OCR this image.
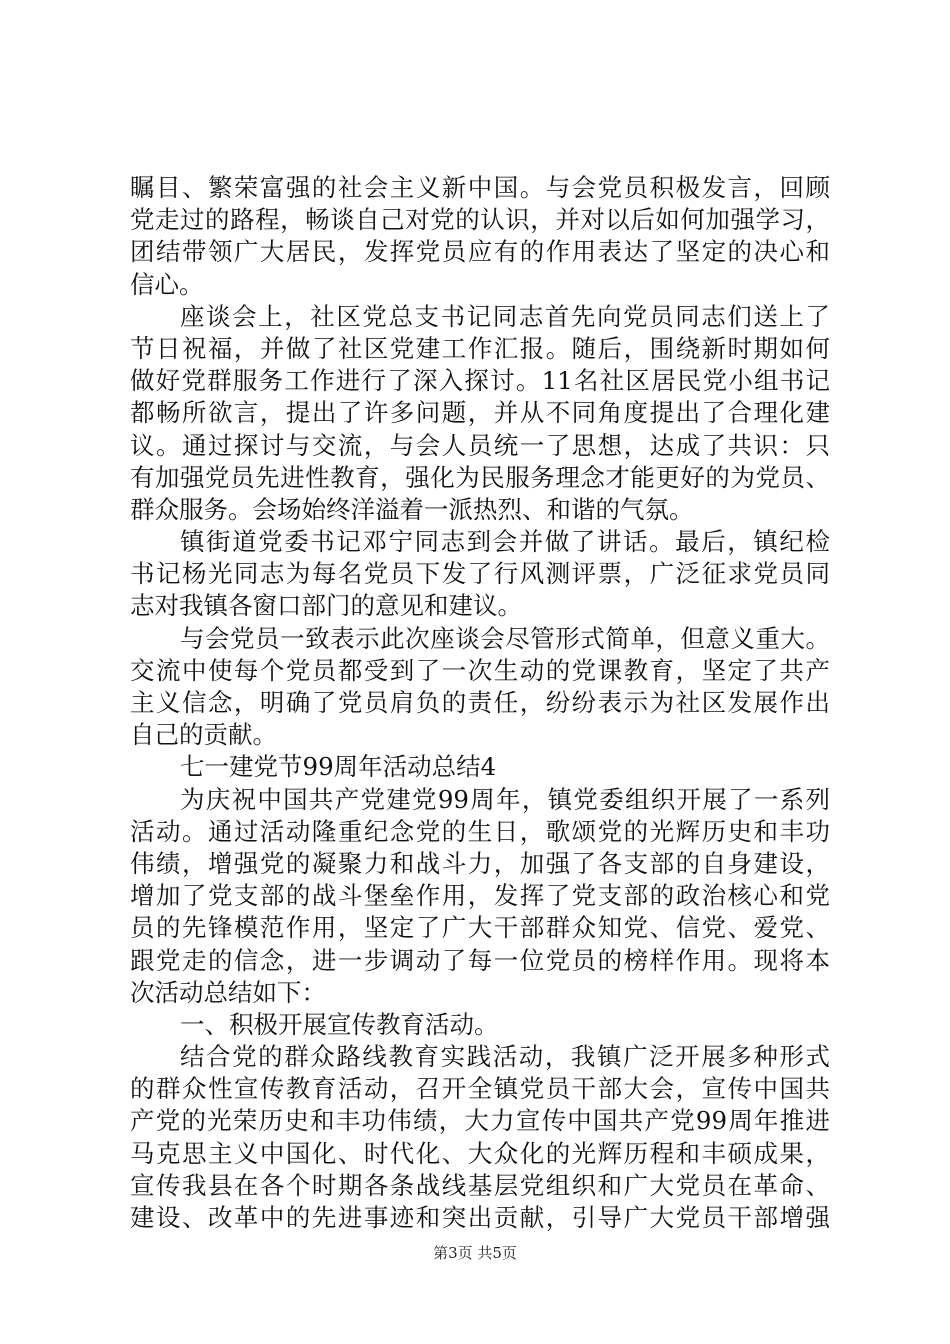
瞩目、繁荣富强的社会主义新中国。与会党员积极发言，回顾
党走过的路程，畅谈自己对党的认识，并对以后如何加强学习，
团结带领广大居民，发挥党员应有的作用表达了坚定的决心和
信心。
座谈会上，社区党总支书记同志首先向党员同志们送上了
节日祝福，并做了社区党建工作汇报。随后，围绕新时期如何
做好党群服务工作进行了深入探讨。11名社区居民党小组书记
都畅所欲言，提出了许多问题，并从不同角度提出了合理化建
议。通过探讨与交流，与会人员统一了思想，达成了共识：只
有加强党员先进性教育，强化为民服务理念才能更好的为党员、
群众服务。会场始终洋溢着一派热烈、和谐的气氛。
镇街道党委书记邓宁同志到会并做了讲话。最后，镇纪检
书记杨光同志为每名党员下发了行风测评票，广泛征求党员同
志对我镇各窗口部门的意见和建议。
与会党员一致表示此次座谈会尽管形式简单，但意义重大。
交流中使每个党员都受到了一次生动的党课教育，坚定了共产
主义信念，明确了党员肩负的责任，纷纷表示为社区发展作出
自己的贡献。
七一建党节99周年活动总结4
为庆祝中国共产党建党99周年，镇党委组织开展了一系列
活动。通过活动隆重纪念党的生日，歌颂党的光辉历史和丰功
伟绩，增强党的凝聚力和战斗力，加强了各支部的自身建设，
增加了党支部的战斗堡垒作用，发挥了党支部的政治核心和党
员的先锋模范作用，坚定了广大干部群众知党、信党、爱党、
跟党走的信念，进一步调动了每一位党员的榜样作用。现将本
次活动总结如下：
一、积极开展宣传教育活动。
结合党的群众路线教育实践活动，我镇广泛开展多种形式
的群众性宣传教育活动，召开全镇党员干部大会，宣传中国共
产党的光荣历史和丰功伟绩，大力宣传中国共产党99周年推进
马克思主义中国化、时代化、大众化的光辉历程和丰硕成果，
宣传我县在各个时期各条战线基层党组织和广大党员在革命、
建设、改革中的先进事迹和突出贡献，引导广大党员干部增强
第3页 共5页
